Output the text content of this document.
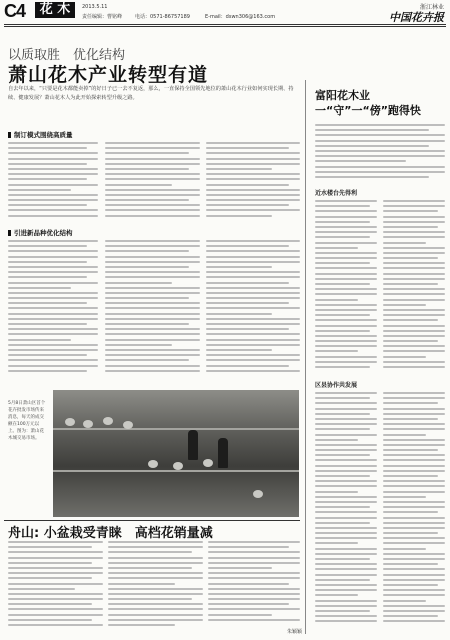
C4	花 木	2013.5.11
责任编辑：曹铭峰	电话：0571-86757189	E-mail：dswn306@163.com
浙江林业
中国花卉报
以质取胜　优化结构
萧山花木产业转型有道
自去年以来，“只要是花木都能卖掉”的好日子已一去不复返，那么，一直保持全国领先地位的萧山花木行业如何实现长期、持续、健康发展？萧山花木人为此开始探索转型升级之路。
制订模式围绕高质量
引进新品种优化结构
5月8日萧山区首个花卉批发市场传来消息，每天的成交额在100万元以上。图为：萧山花木城交易市场。
舟山: 小盆栽受青睐　高档花销量减
朱颖颖
富阳花木业
一“守”一“傍”跑得快
近水楼台先得利
区县协作共发展
